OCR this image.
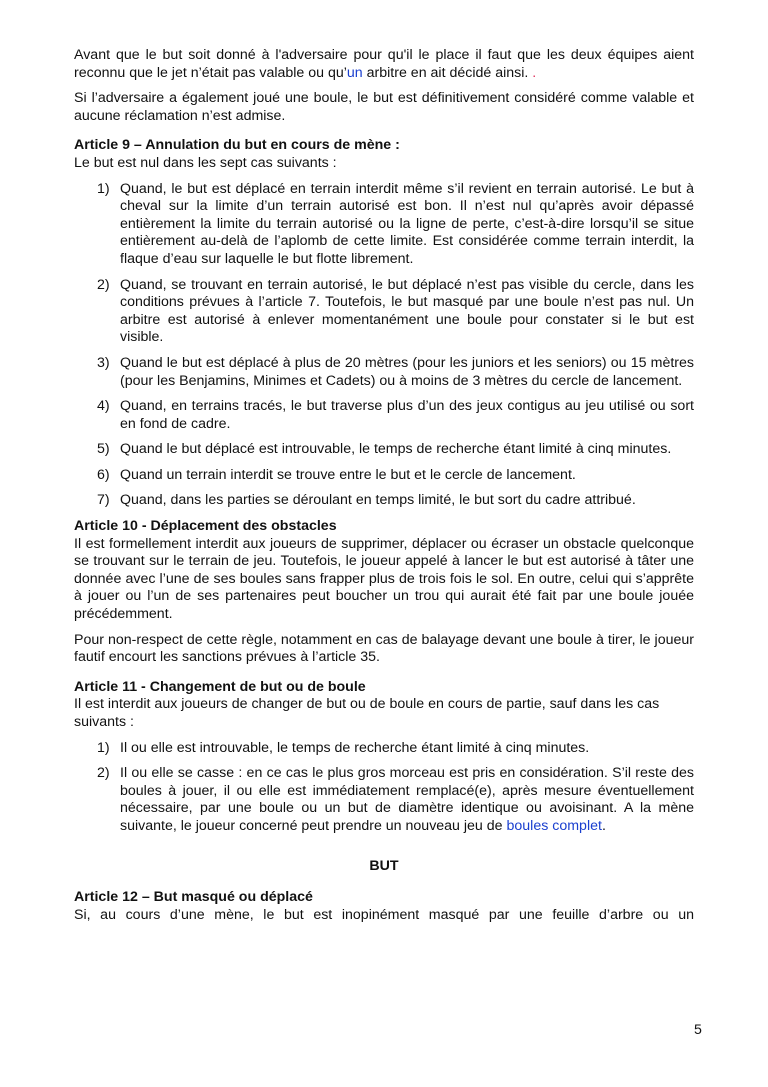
Avant que le but soit donné à l'adversaire pour qu'il le place il faut que les deux équipes aient reconnu que le jet n’était pas valable ou qu’un arbitre en ait décidé ainsi. .

Si l’adversaire a également joué une boule, le but est définitivement considéré comme valable et aucune réclamation n’est admise.

Article 9 – Annulation du but en cours de mène :

Le but est nul dans les sept cas suivants :

1) Quand, le but est déplacé en terrain interdit même s’il revient en terrain autorisé. Le but à cheval sur la limite d’un terrain autorisé est bon. Il n’est nul qu’après avoir dépassé entièrement la limite du terrain autorisé ou la ligne de perte, c’est-à-dire lorsqu’il se situe entièrement au-delà de l’aplomb de cette limite. Est considérée comme terrain interdit, la flaque d’eau sur laquelle le but flotte librement.
2) Quand, se trouvant en terrain autorisé, le but déplacé n’est pas visible du cercle, dans les conditions prévues à l’article 7. Toutefois, le but masqué par une boule n’est pas nul. Un arbitre est autorisé à enlever momentanément une boule pour constater si le but est visible.
3) Quand le but est déplacé à plus de 20 mètres (pour les juniors et les seniors) ou 15 mètres (pour les Benjamins, Minimes et Cadets) ou à moins de 3 mètres du cercle de lancement.
4) Quand, en terrains tracés, le but traverse plus d’un des jeux contigus au jeu utilisé ou sort en fond de cadre.
5) Quand le but déplacé est introuvable, le temps de recherche étant limité à cinq minutes.
6) Quand un terrain interdit se trouve entre le but et le cercle de lancement.
7) Quand, dans les parties se déroulant en temps limité, le but sort du cadre attribué.

Article 10 - Déplacement des obstacles

Il est formellement interdit aux joueurs de supprimer, déplacer ou écraser un obstacle quelconque se trouvant sur le terrain de jeu. Toutefois, le joueur appelé à lancer le but est autorisé à tâter une donnée avec l’une de ses boules sans frapper plus de trois fois le sol. En outre, celui qui s’apprête à jouer ou l’un de ses partenaires peut boucher un trou qui aurait été fait par une boule jouée précédemment.

Pour non-respect de cette règle, notamment en cas de balayage devant une boule à tirer, le joueur fautif encourt les sanctions prévues à l’article 35.

Article 11 - Changement de but ou de boule

Il est interdit aux joueurs de changer de but ou de boule en cours de partie, sauf dans les cas suivants :

1) Il ou elle est introuvable, le temps de recherche étant limité à cinq minutes.
2) Il ou elle se casse : en ce cas le plus gros morceau est pris en considération. S’il reste des boules à jouer, il ou elle est immédiatement remplacé(e), après mesure éventuellement nécessaire, par une boule ou un but de diamètre identique ou avoisinant. A la mène suivante, le joueur concerné peut prendre un nouveau jeu de boules complet.

BUT

Article 12 – But masqué ou déplacé

Si, au cours d’une mène, le but est inopinément masqué par une feuille d’arbre ou un

5
